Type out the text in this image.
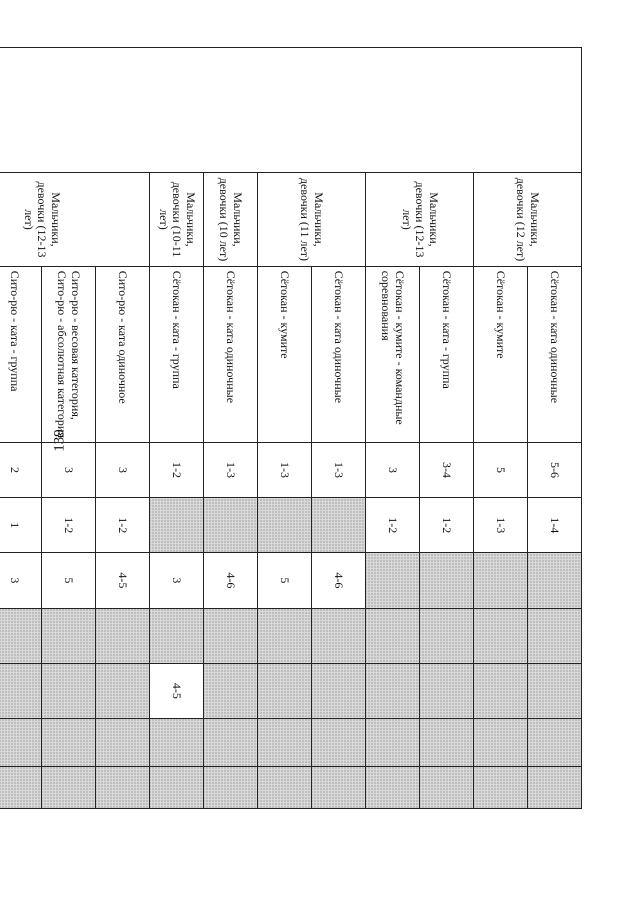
139
	Мальчики, девочки (12 лет)	Сётокан - ката одиночные	5-6	1-4					
		Сётокан - кумите	5	1-3					
	Мальчики, девочки (12-13 лет)	Сётокан - ката - группа	3-4	1-2					
		Сётокан - кумите - командные соревнования	3	1-2					
	Мальчики, девочки (11 лет)	Сётокан - ката одиночные	1-3		4-6				
		Сётокан - кумите	1-3		5				
	Мальчики, девочки (10 лет)	Сётокан - ката одиночные	1-3		4-6				
	Мальчики, девочки (10-11 лет)	Сётокан - ката - группа	1-2		3		4-5		
	Мальчики, девочки (12-13 лет)	Сито-рю - ката одиночное	3	1-2	4-5				
		Сито-рю - весовая категория, Сито-рю - абсолютная категория	3	1-2	5				
		Сито-рю - ката - группа	2	1	3				
